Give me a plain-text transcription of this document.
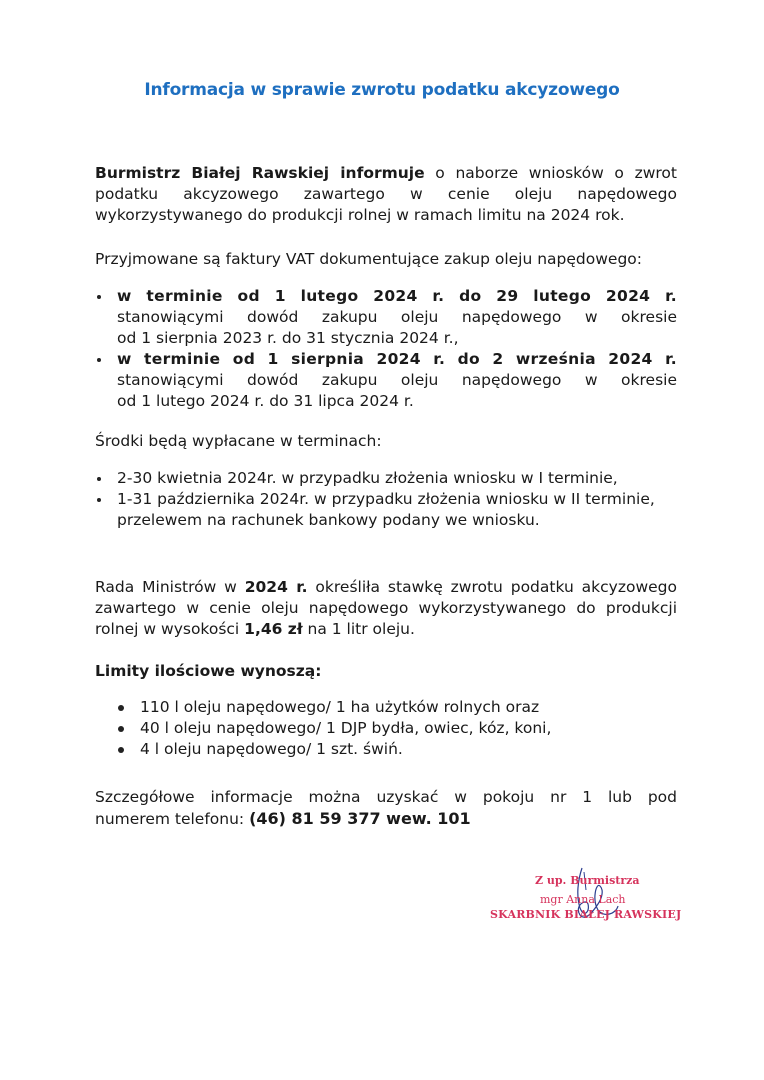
Informacja w sprawie zwrotu podatku akcyzowego
Burmistrz Białej Rawskiej informuje o naborze wniosków o zwrot
podatku akcyzowego zawartego w cenie oleju napędowego
wykorzystywanego do produkcji rolnej w ramach limitu na 2024 rok.
Przyjmowane są faktury VAT dokumentujące zakup oleju napędowego:
w terminie od 1 lutego 2024 r. do 29 lutego 2024 r.
stanowiącymi dowód zakupu oleju napędowego w okresie
od 1 sierpnia 2023 r. do 31 stycznia 2024 r.,
w terminie od 1 sierpnia 2024 r. do 2 września 2024 r.
stanowiącymi dowód zakupu oleju napędowego w okresie
od 1 lutego 2024 r. do 31 lipca 2024 r.
Środki będą wypłacane w terminach:
2-30 kwietnia 2024r. w przypadku złożenia wniosku w I terminie,
1-31 października 2024r. w przypadku złożenia wniosku w II terminie,
przelewem na rachunek bankowy podany we wniosku.
Rada Ministrów w 2024 r. określiła stawkę zwrotu podatku akcyzowego
zawartego w cenie oleju napędowego wykorzystywanego do produkcji
rolnej w wysokości 1,46 zł na 1 litr oleju.
Limity ilościowe wynoszą:
110 l oleju napędowego/ 1 ha użytków rolnych oraz
40 l oleju napędowego/ 1 DJP bydła, owiec, kóz, koni,
4 l oleju napędowego/ 1 szt. świń.
Szczegółowe informacje można uzyskać w pokoju nr 1 lub pod
numerem telefonu: (46) 81 59 377 wew. 101
Z up. Burmistrza
mgr Anna Lach
SKARBNIK BIAŁEJ RAWSKIEJ
